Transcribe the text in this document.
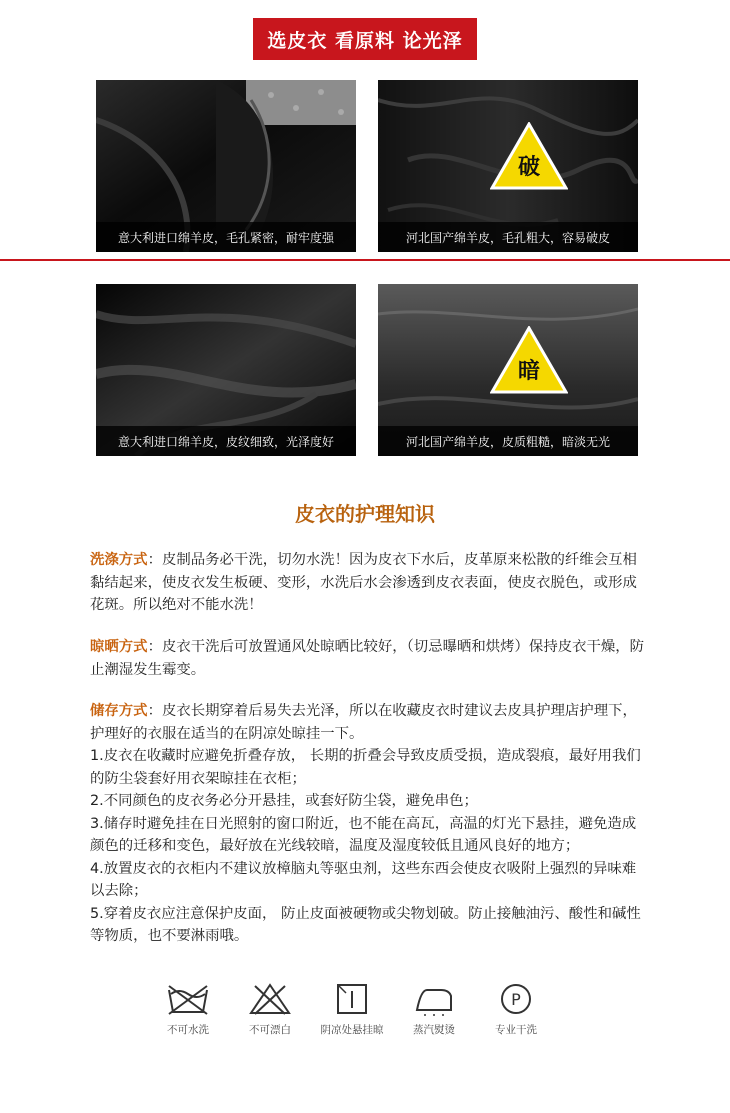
选皮衣 看原料 论光泽
意大利进口绵羊皮，毛孔紧密，耐牢度强
破
河北国产绵羊皮，毛孔粗大，容易破皮
意大利进口绵羊皮，皮纹细致，光泽度好
暗
河北国产绵羊皮，皮质粗糙，暗淡无光
皮衣的护理知识
洗涤方式：皮制品务必干洗，切勿水洗！因为皮衣下水后，皮革原来松散的纤维会互相黏结起来，使皮衣发生板硬、变形，水洗后水会渗透到皮衣表面，使皮衣脱色，或形成花斑。所以绝对不能水洗！
晾晒方式：皮衣干洗后可放置通风处晾晒比较好，（切忌曝晒和烘烤）保持皮衣干燥，防止潮湿发生霉变。
储存方式：皮衣长期穿着后易失去光泽，所以在收藏皮衣时建议去皮具护理店护理下，护理好的衣服在适当的在阴凉处晾挂一下。
1.皮衣在收藏时应避免折叠存放， 长期的折叠会导致皮质受损，造成裂痕，最好用我们的防尘袋套好用衣架晾挂在衣柜；
2.不同颜色的皮衣务必分开悬挂，或套好防尘袋，避免串色；
3.储存时避免挂在日光照射的窗口附近，也不能在高瓦，高温的灯光下悬挂，避免造成颜色的迁移和变色，最好放在光线较暗，温度及湿度较低且通风良好的地方；
4.放置皮衣的衣柜内不建议放樟脑丸等驱虫剂，这些东西会使皮衣吸附上强烈的异味难以去除；
5.穿着皮衣应注意保护皮面， 防止皮面被硬物或尖物划破。防止接触油污、酸性和碱性等物质，也不要淋雨哦。
不可水洗	不可漂白	阴凉处悬挂晾	蒸汽熨烫
P
专业干洗
